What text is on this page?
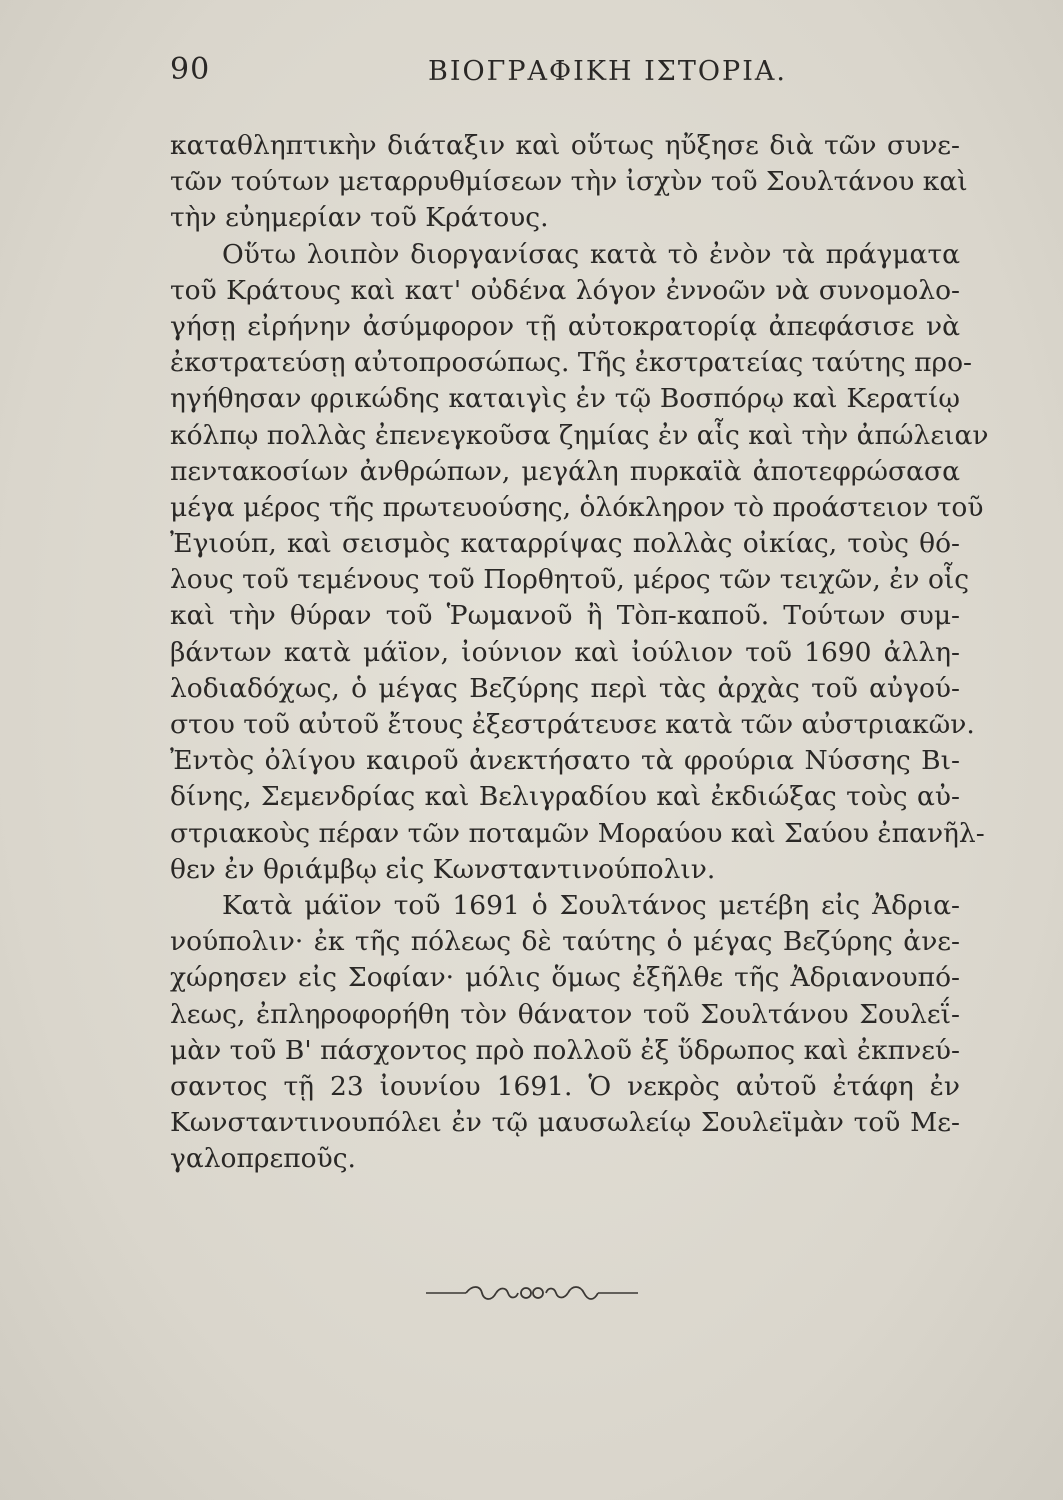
90	ΒΙΟΓΡΑΦΙΚΗ ΙΣΤΟΡΙΑ.
καταθληπτικὴν διάταξιν καὶ οὕτως ηὔξησε διὰ τῶν συνε-
τῶν τούτων μεταρρυθμίσεων τὴν ἰσχὺν τοῦ Σουλτάνου καὶ
τὴν εὐημερίαν τοῦ Κράτους.
Οὕτω λοιπὸν διοργανίσας κατὰ τὸ ἐνὸν τὰ πράγματα
τοῦ Κράτους καὶ κατ' οὐδένα λόγον ἐννοῶν νὰ συνομολο-
γήσῃ εἰρήνην ἀσύμφορον τῇ αὐτοκρατορίᾳ ἀπεφάσισε νὰ
ἐκστρατεύσῃ αὐτοπροσώπως. Τῆς ἐκστρατείας ταύτης προ-
ηγήθησαν φρικώδης καταιγὶς ἐν τῷ Βοσπόρῳ καὶ Κερατίῳ
κόλπῳ πολλὰς ἐπενεγκοῦσα ζημίας ἐν αἷς καὶ τὴν ἀπώλειαν
πεντακοσίων ἀνθρώπων, μεγάλη πυρκαϊὰ ἀποτεφρώσασα
μέγα μέρος τῆς πρωτευούσης, ὁλόκληρον τὸ προάστειον τοῦ
Ἐγιούπ, καὶ σεισμὸς καταρρίψας πολλὰς οἰκίας, τοὺς θό-
λους τοῦ τεμένους τοῦ Πορθητοῦ, μέρος τῶν τειχῶν, ἐν οἷς
καὶ τὴν θύραν τοῦ Ῥωμανοῦ ἢ Τὸπ-καποῦ. Τούτων συμ-
βάντων κατὰ μάϊον, ἰούνιον καὶ ἰούλιον τοῦ 1690 ἀλλη-
λοδιαδόχως, ὁ μέγας Βεζύρης περὶ τὰς ἀρχὰς τοῦ αὐγού-
στου τοῦ αὐτοῦ ἔτους ἐξεστράτευσε κατὰ τῶν αὐστριακῶν.
Ἐντὸς ὀλίγου καιροῦ ἀνεκτήσατο τὰ φρούρια Νύσσης Βι-
δίνης, Σεμενδρίας καὶ Βελιγραδίου καὶ ἐκδιώξας τοὺς αὐ-
στριακοὺς πέραν τῶν ποταμῶν Μοραύου καὶ Σαύου ἐπανῆλ-
θεν ἐν θριάμβῳ εἰς Κωνσταντινούπολιν.
Κατὰ μάϊον τοῦ 1691 ὁ Σουλτάνος μετέβη εἰς Ἀδρια-
νούπολιν· ἐκ τῆς πόλεως δὲ ταύτης ὁ μέγας Βεζύρης ἀνε-
χώρησεν εἰς Σοφίαν· μόλις ὅμως ἐξῆλθε τῆς Ἀδριανουπό-
λεως, ἐπληροφορήθη τὸν θάνατον τοῦ Σουλτάνου Σουλεΐ-
μὰν τοῦ Β' πάσχοντος πρὸ πολλοῦ ἐξ ὕδρωπος καὶ ἐκπνεύ-
σαντος τῇ 23 ἰουνίου 1691. Ὁ νεκρὸς αὐτοῦ ἐτάφη ἐν
Κωνσταντινουπόλει ἐν τῷ μαυσωλείῳ Σουλεϊμὰν τοῦ Με-
γαλοπρεποῦς.
